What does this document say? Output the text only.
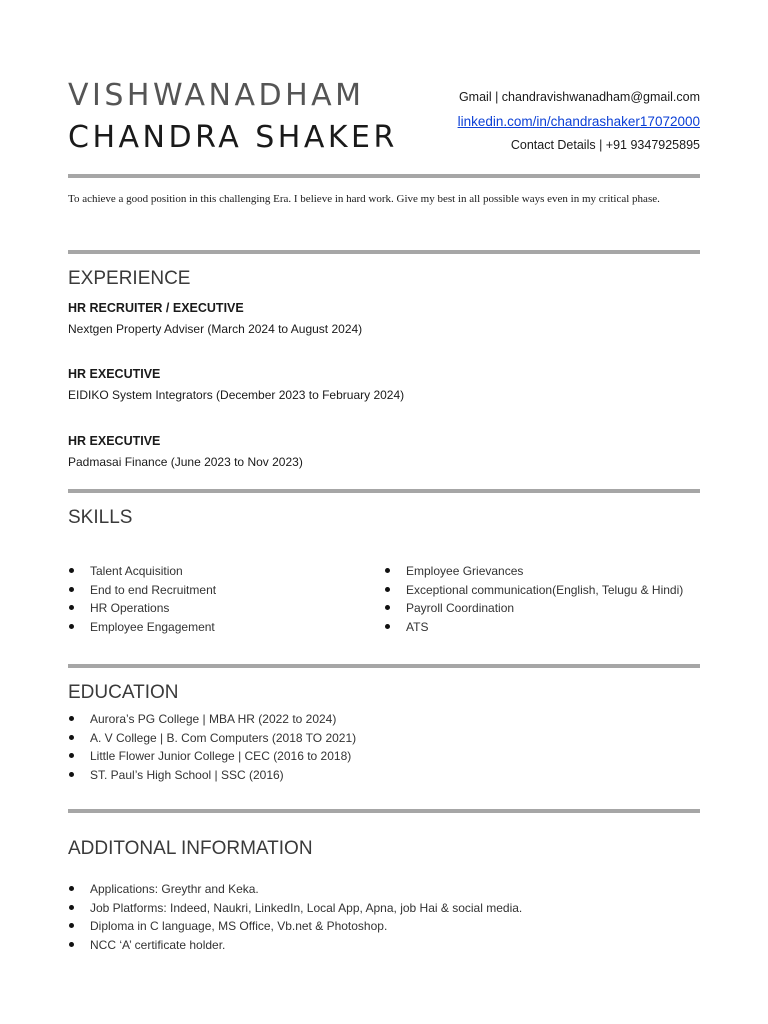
VISHWANADHAM
CHANDRA SHAKER
Gmail | chandravishwanadham@gmail.com
linkedin.com/in/chandrashaker17072000
Contact Details | +91 9347925895

To achieve a good position in this challenging Era. I believe in hard work. Give my best in all possible ways even in my critical phase.

EXPERIENCE
HR RECRUITER / EXECUTIVE
Nextgen Property Adviser (March 2024 to August 2024)
HR EXECUTIVE
EIDIKO System Integrators (December 2023 to February 2024)
HR EXECUTIVE
Padmasai Finance (June 2023 to Nov 2023)
SKILLS
Talent Acquisition
End to end Recruitment
HR Operations
Employee Engagement
Employee Grievances
Exceptional communication(English, Telugu & Hindi)
Payroll Coordination
ATS
EDUCATION
Aurora’s PG College | MBA HR (2022 to 2024)
A. V College | B. Com Computers (2018 TO 2021)
Little Flower Junior College | CEC (2016 to 2018)
ST. Paul’s High School | SSC (2016)
ADDITONAL INFORMATION
Applications: Greythr and Keka.
Job Platforms: Indeed, Naukri, LinkedIn, Local App, Apna, job Hai & social media.
Diploma in C language, MS Office, Vb.net & Photoshop.
NCC ‘A’ certificate holder.
